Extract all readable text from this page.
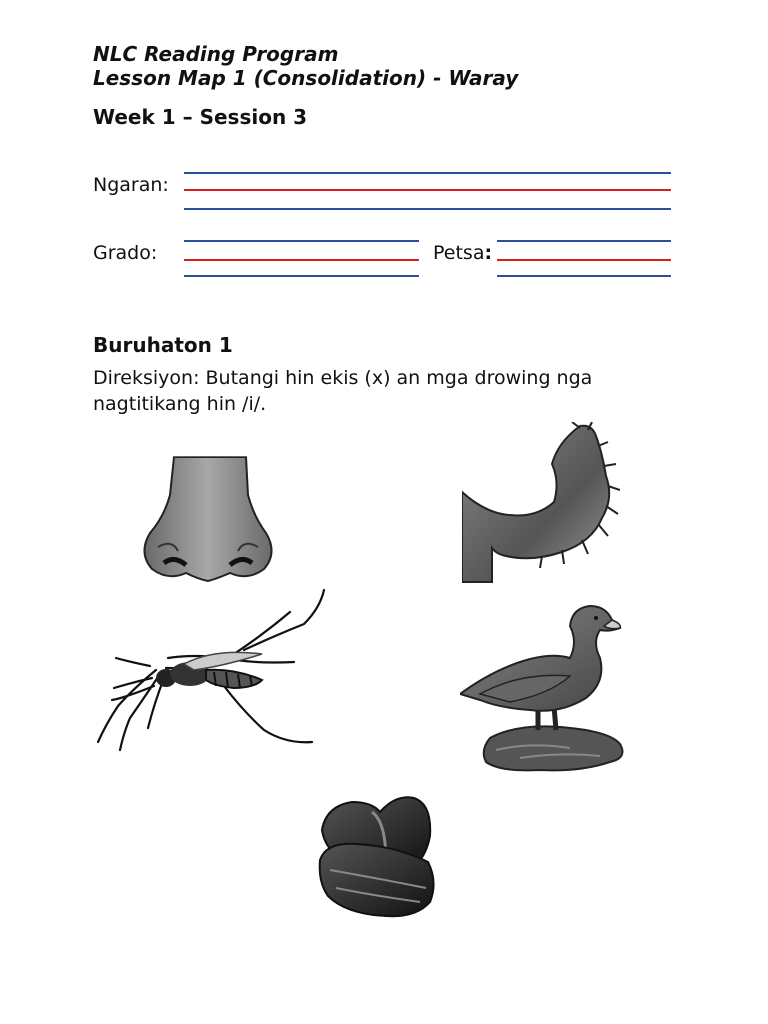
NLC Reading Program
Lesson Map 1 (Consolidation) - Waray
Week 1 – Session 3
Ngaran:
Grado:	Petsa:
Buruhaton 1
Direksiyon: Butangi hin ekis (x) an mga drowing nga
nagtitikang hin /i/.
